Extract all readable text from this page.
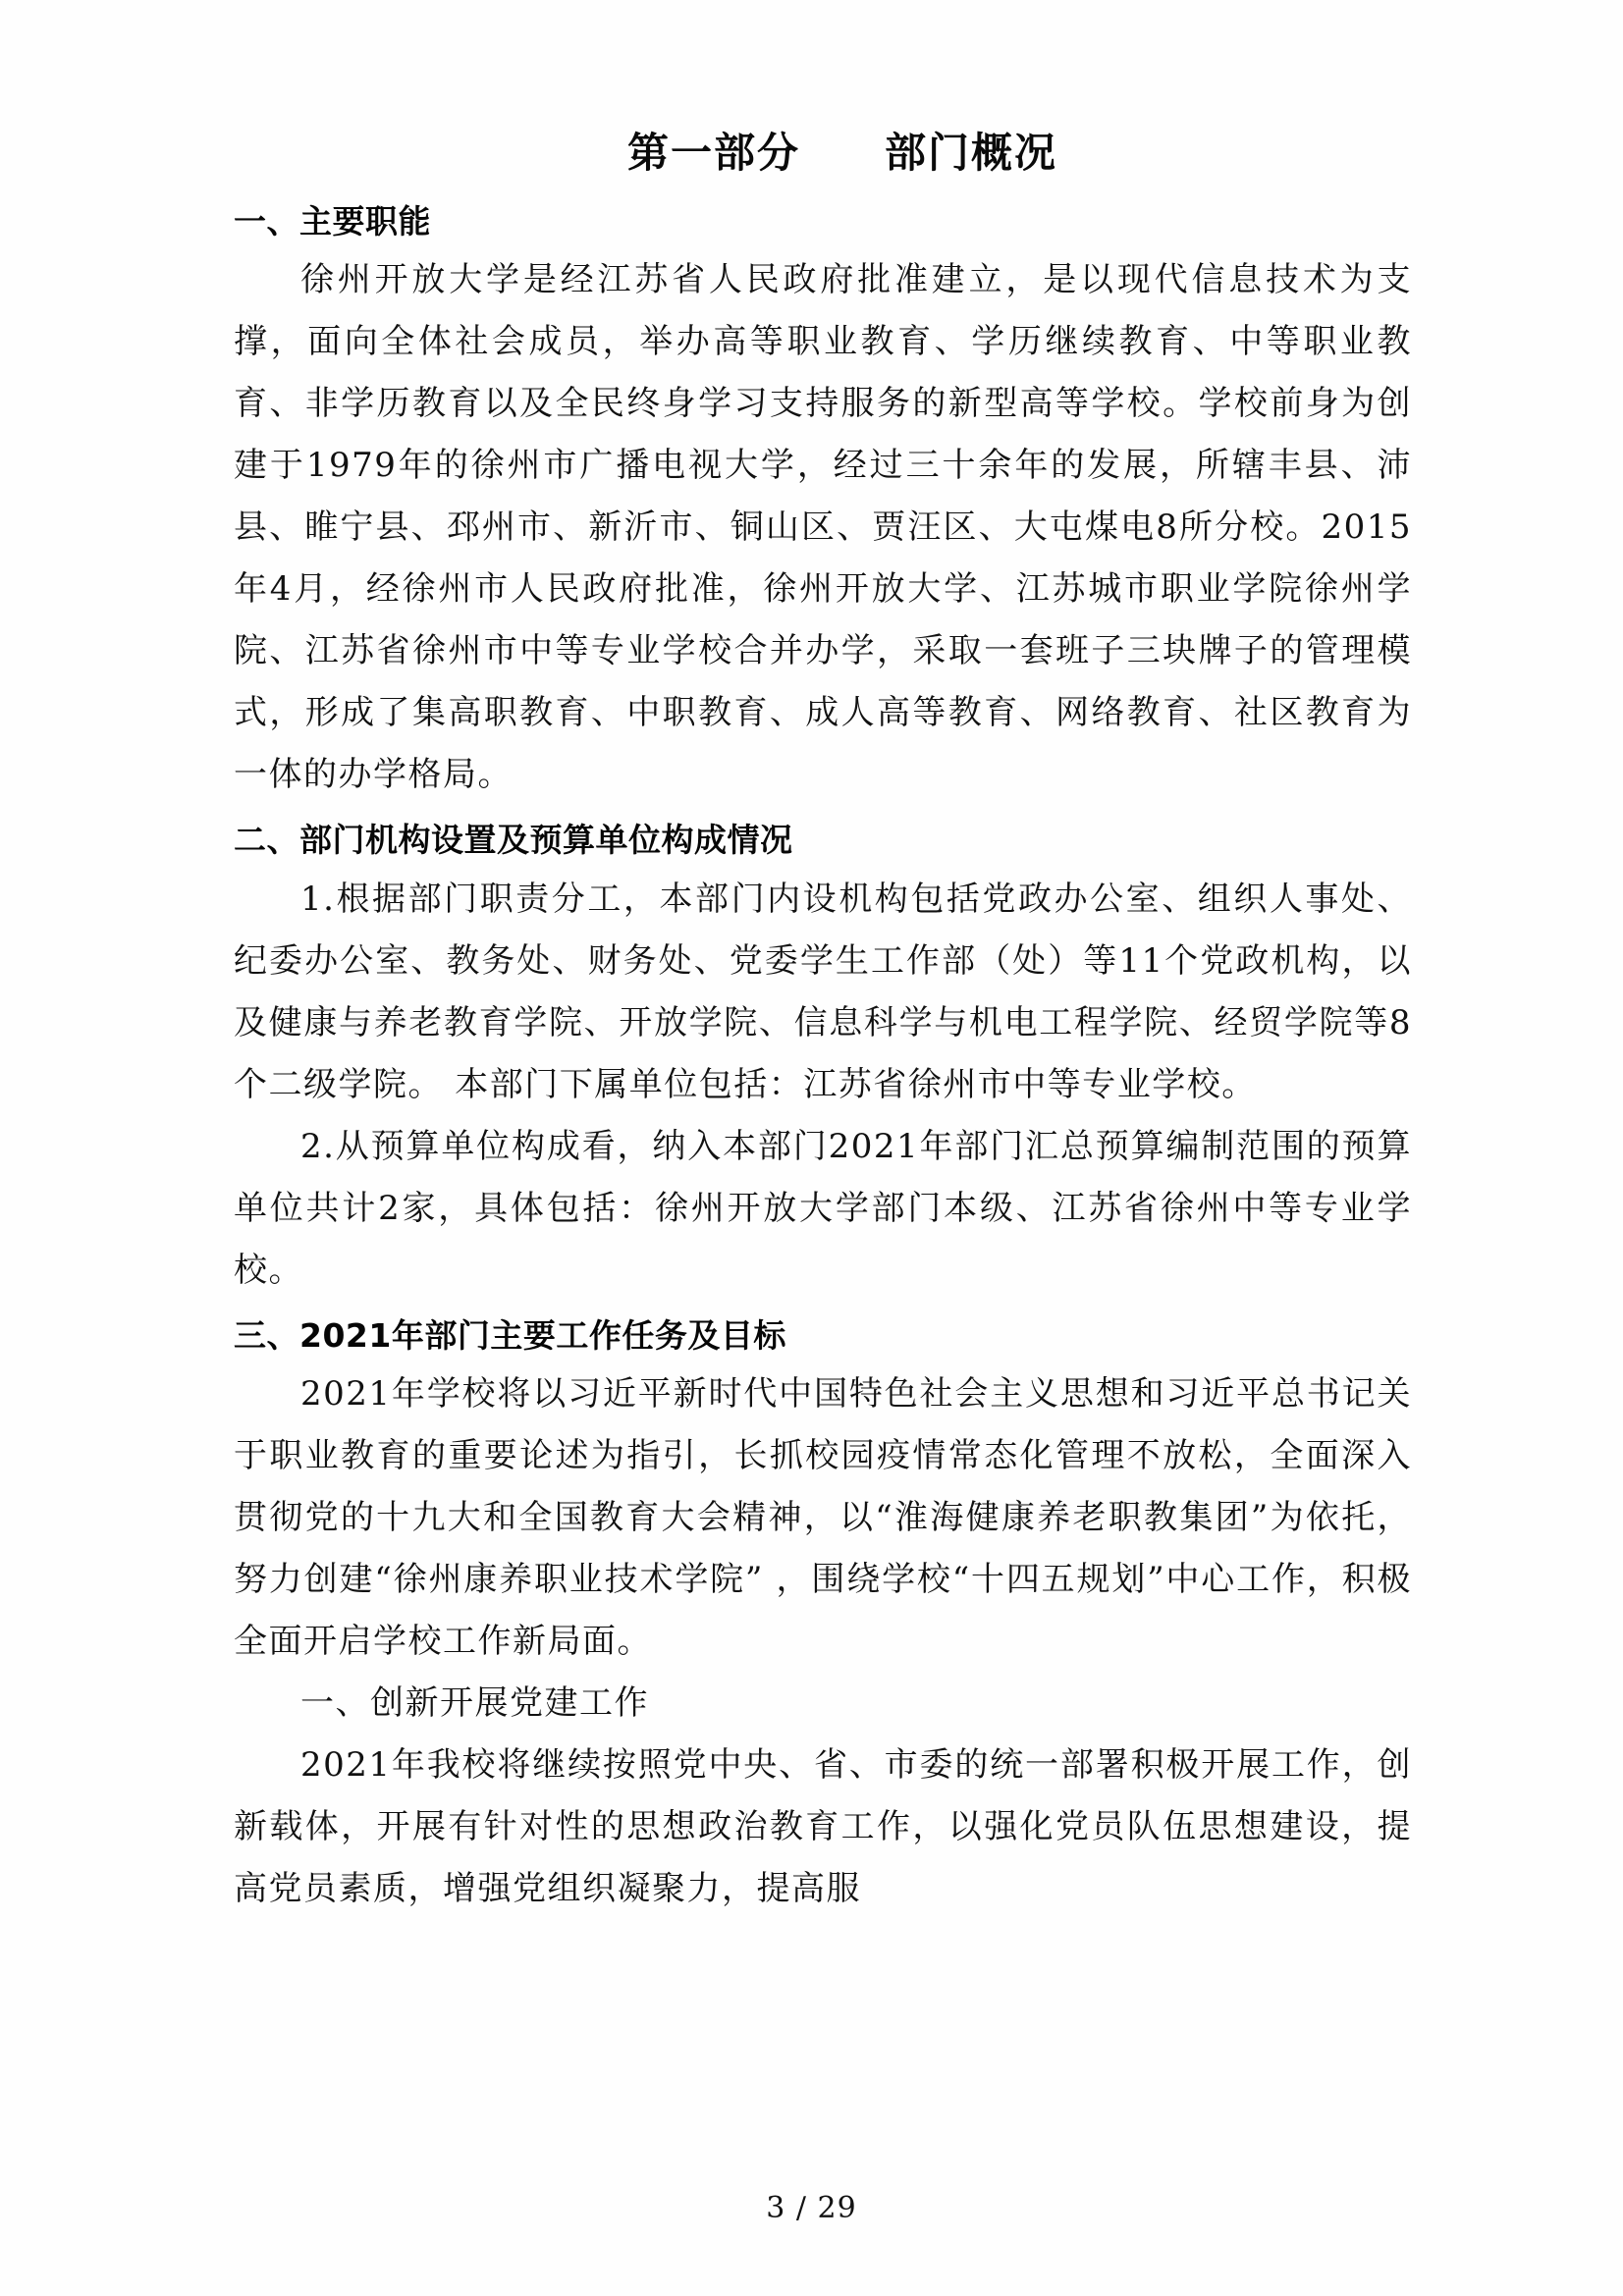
第一部分 部门概况
一、主要职能

徐州开放大学是经江苏省人民政府批准建立，是以现代信息技术为支撑，面向全体社会成员，举办高等职业教育、学历继续教育、中等职业教育、非学历教育以及全民终身学习支持服务的新型高等学校。学校前身为创建于1979年的徐州市广播电视大学，经过三十余年的发展，所辖丰县、沛县、睢宁县、邳州市、新沂市、铜山区、贾汪区、大屯煤电8所分校。2015年4月，经徐州市人民政府批准，徐州开放大学、江苏城市职业学院徐州学院、江苏省徐州市中等专业学校合并办学，采取一套班子三块牌子的管理模式，形成了集高职教育、中职教育、成人高等教育、网络教育、社区教育为一体的办学格局。

二、部门机构设置及预算单位构成情况

1.根据部门职责分工，本部门内设机构包括党政办公室、组织人事处、纪委办公室、教务处、财务处、党委学生工作部（处）等11个党政机构，以及健康与养老教育学院、开放学院、信息科学与机电工程学院、经贸学院等8个二级学院。 本部门下属单位包括：江苏省徐州市中等专业学校。

2.从预算单位构成看，纳入本部门2021年部门汇总预算编制范围的预算单位共计2家，具体包括：徐州开放大学部门本级、江苏省徐州中等专业学校。

三、2021年部门主要工作任务及目标

2021年学校将以习近平新时代中国特色社会主义思想和习近平总书记关于职业教育的重要论述为指引，长抓校园疫情常态化管理不放松，全面深入贯彻党的十九大和全国教育大会精神，以“淮海健康养老职教集团”为依托，努力创建“徐州康养职业技术学院” ，围绕学校“十四五规划”中心工作，积极全面开启学校工作新局面。

一、创新开展党建工作

2021年我校将继续按照党中央、省、市委的统一部署积极开展工作，创新载体，开展有针对性的思想政治教育工作，以强化党员队伍思想建设，提高党员素质，增强党组织凝聚力，提高服

3 / 29
